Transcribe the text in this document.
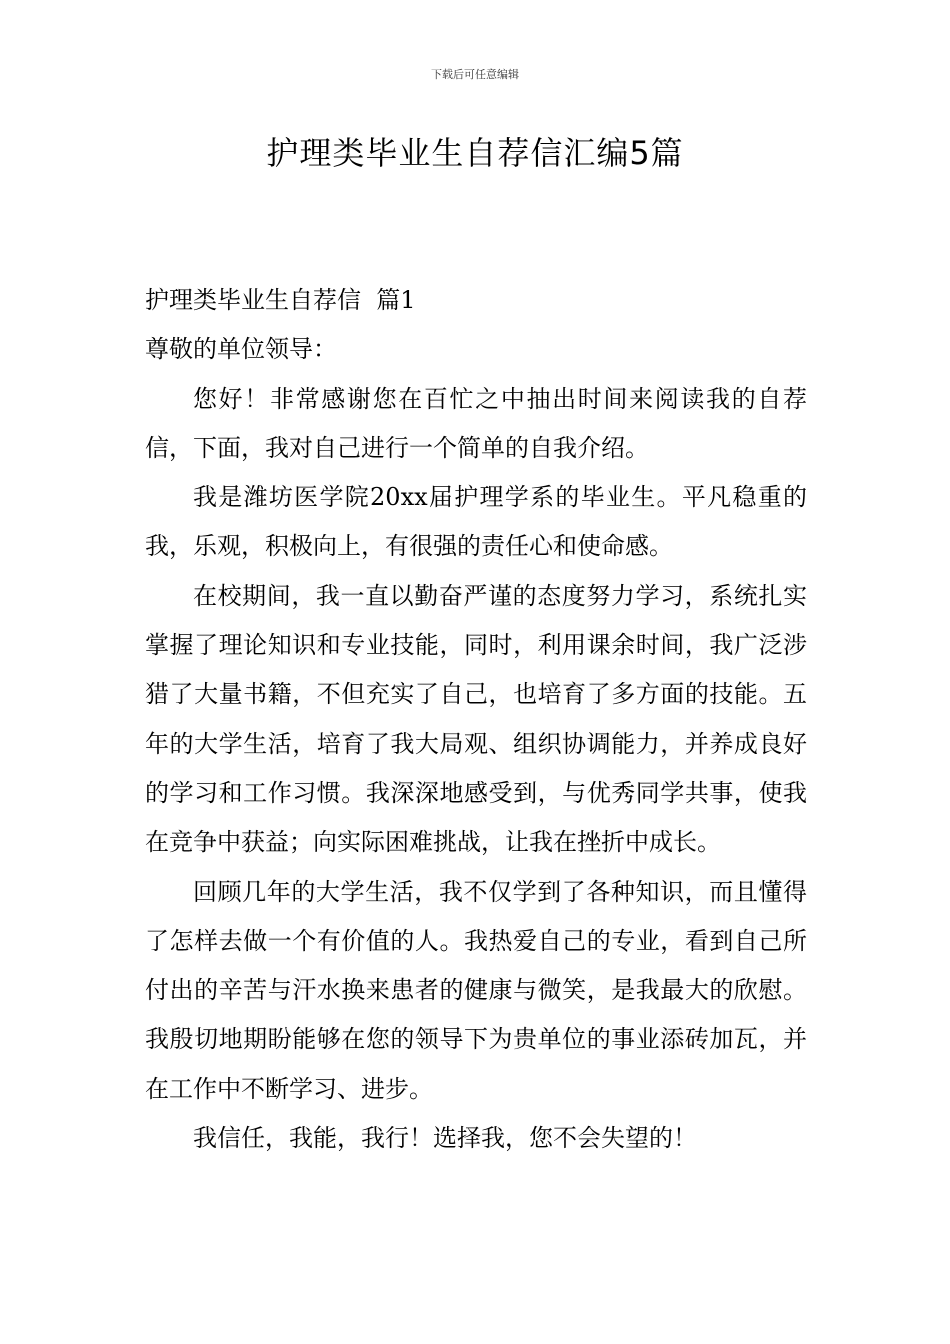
下载后可任意编辑
护理类毕业生自荐信汇编5篇

护理类毕业生自荐信  篇1

尊敬的单位领导：

您好！非常感谢您在百忙之中抽出时间来阅读我的自荐信，下面，我对自己进行一个简单的自我介绍。

我是潍坊医学院20xx届护理学系的毕业生。平凡稳重的我，乐观，积极向上，有很强的责任心和使命感。

在校期间，我一直以勤奋严谨的态度努力学习，系统扎实掌握了理论知识和专业技能，同时，利用课余时间，我广泛涉猎了大量书籍，不但充实了自己，也培育了多方面的技能。五年的大学生活，培育了我大局观、组织协调能力，并养成良好的学习和工作习惯。我深深地感受到，与优秀同学共事，使我在竞争中获益；向实际困难挑战，让我在挫折中成长。

回顾几年的大学生活，我不仅学到了各种知识，而且懂得了怎样去做一个有价值的人。我热爱自己的专业，看到自己所付出的辛苦与汗水换来患者的健康与微笑，是我最大的欣慰。我殷切地期盼能够在您的领导下为贵单位的事业添砖加瓦，并在工作中不断学习、进步。

我信任，我能，我行！选择我，您不会失望的！
